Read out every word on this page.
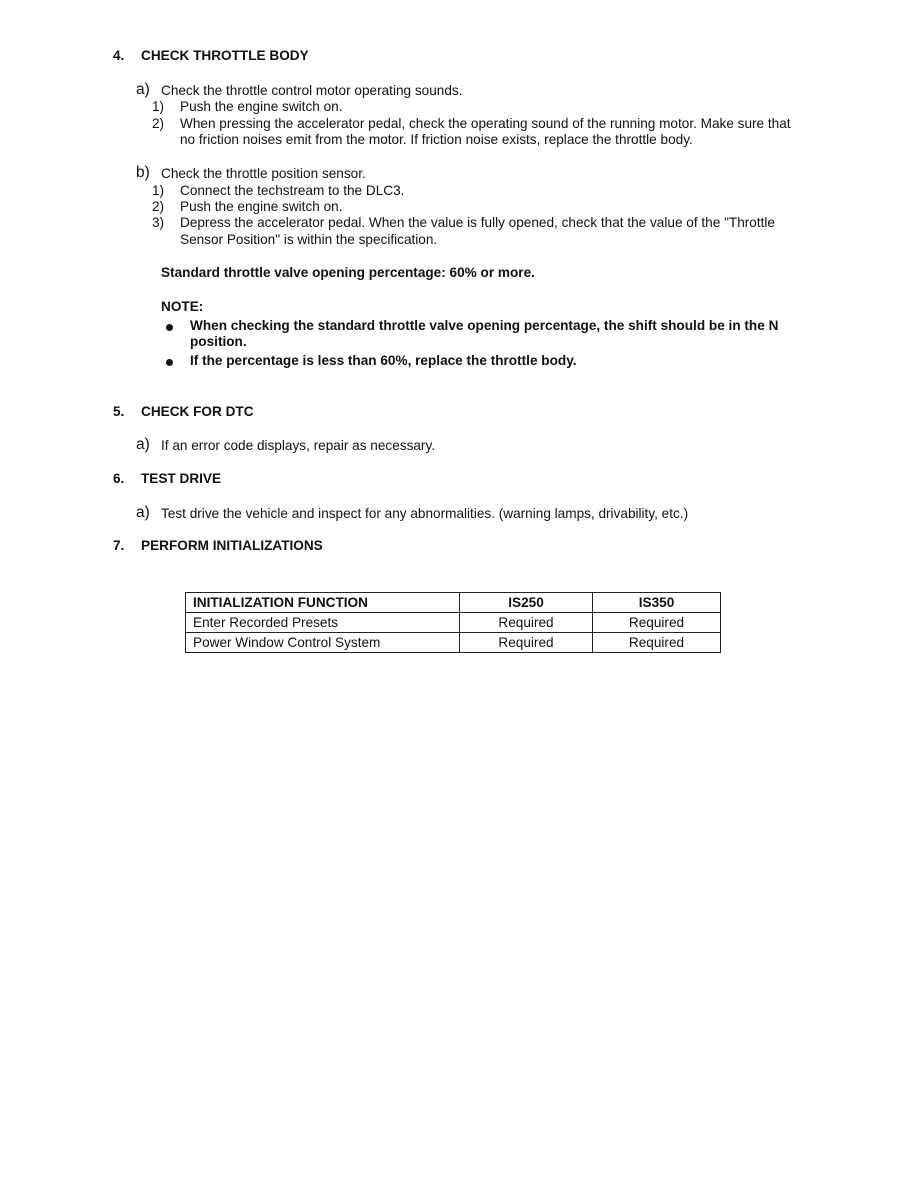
4. CHECK THROTTLE BODY
a) Check the throttle control motor operating sounds.
1) Push the engine switch on.
2) When pressing the accelerator pedal, check the operating sound of the running motor. Make sure that
no friction noises emit from the motor. If friction noise exists, replace the throttle body.
b) Check the throttle position sensor.
1) Connect the techstream to the DLC3.
2) Push the engine switch on.
3) Depress the accelerator pedal. When the value is fully opened, check that the value of the "Throttle
Sensor Position" is within the specification.
Standard throttle valve opening percentage: 60% or more.
NOTE:
When checking the standard throttle valve opening percentage, the shift should be in the N
position.
If the percentage is less than 60%, replace the throttle body.
5. CHECK FOR DTC
a) If an error code displays, repair as necessary.
6. TEST DRIVE
a) Test drive the vehicle and inspect for any abnormalities. (warning lamps, drivability, etc.)
7. PERFORM INITIALIZATIONS
INITIALIZATION FUNCTION	IS250	IS350
Enter Recorded Presets	Required	Required
Power Window Control System	Required	Required
